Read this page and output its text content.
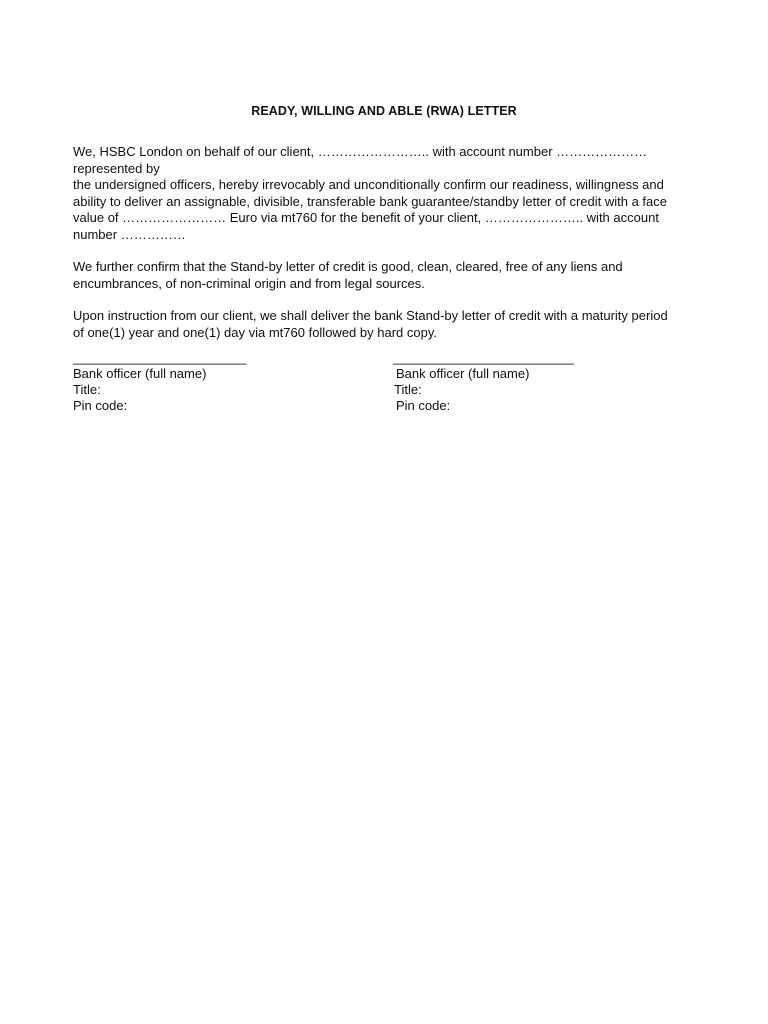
READY, WILLING AND ABLE (RWA) LETTER

We, HSBC London on behalf of our client, …………………….. with account number ………………… represented by

the undersigned officers, hereby irrevocably and unconditionally confirm our readiness, willingness and

ability to deliver an assignable, divisible, transferable bank guarantee/standby letter of credit with a face

value of …………………… Euro via mt760 for the benefit of your client, ………………….. with account

number ……………

We further confirm that the Stand-by letter of credit is good, clean, cleared, free of any liens and

encumbrances, of non-criminal origin and from legal sources.

Upon instruction from our client, we shall deliver the bank Stand-by letter of credit with a maturity period

of one(1) year and one(1) day via mt760 followed by hard copy.

________________________
Bank officer (full name)
Title:
Pin code:
_________________________
Bank officer (full name)
Title:
Pin code:
